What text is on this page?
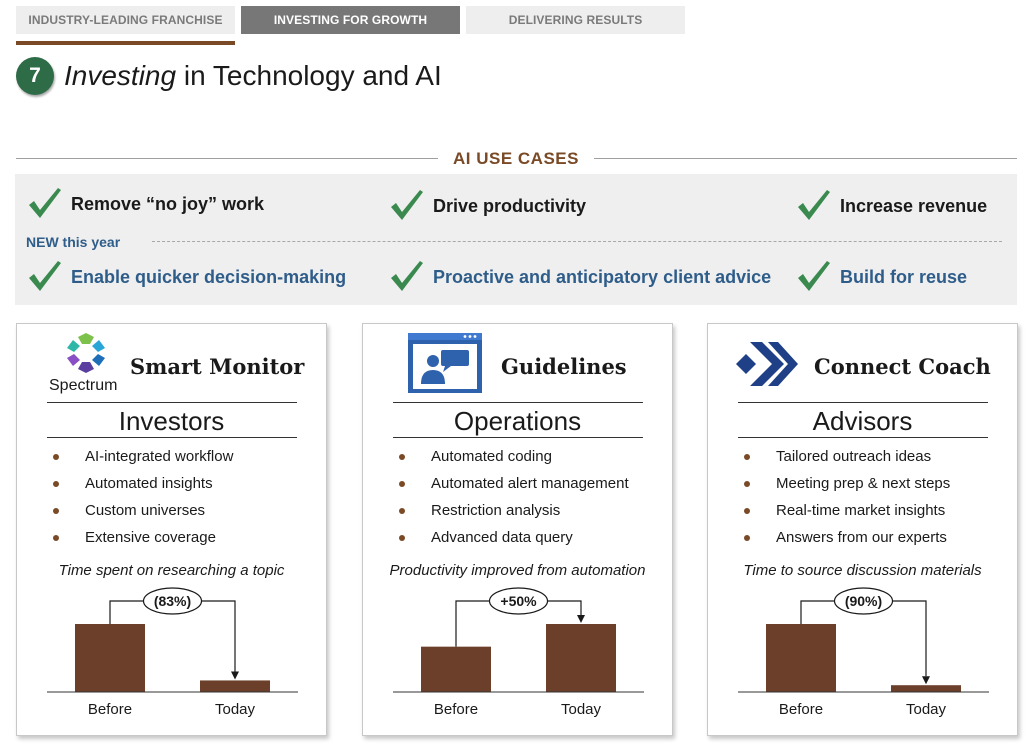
INDUSTRY-LEADING FRANCHISE	INVESTING FOR GROWTH	DELIVERING RESULTS
7 Investing in Technology and AI
AI USE CASES
Remove “no joy” work	Drive productivity	Increase revenue
NEW this year
Enable quicker decision-making	Proactive and anticipatory client advice	Build for reuse
Spectrum
Smart Monitor
Investors
AI-integrated workflow
Automated insights
Custom universes
Extensive coverage
Time spent on researching a topic
Before	Today
(83%)
Guidelines
Operations
Automated coding
Automated alert management
Restriction analysis
Advanced data query
Productivity improved from automation
Before	Today
+50%
Connect Coach
Advisors
Tailored outreach ideas
Meeting prep & next steps
Real-time market insights
Answers from our experts
Time to source discussion materials
Before	Today
(90%)
